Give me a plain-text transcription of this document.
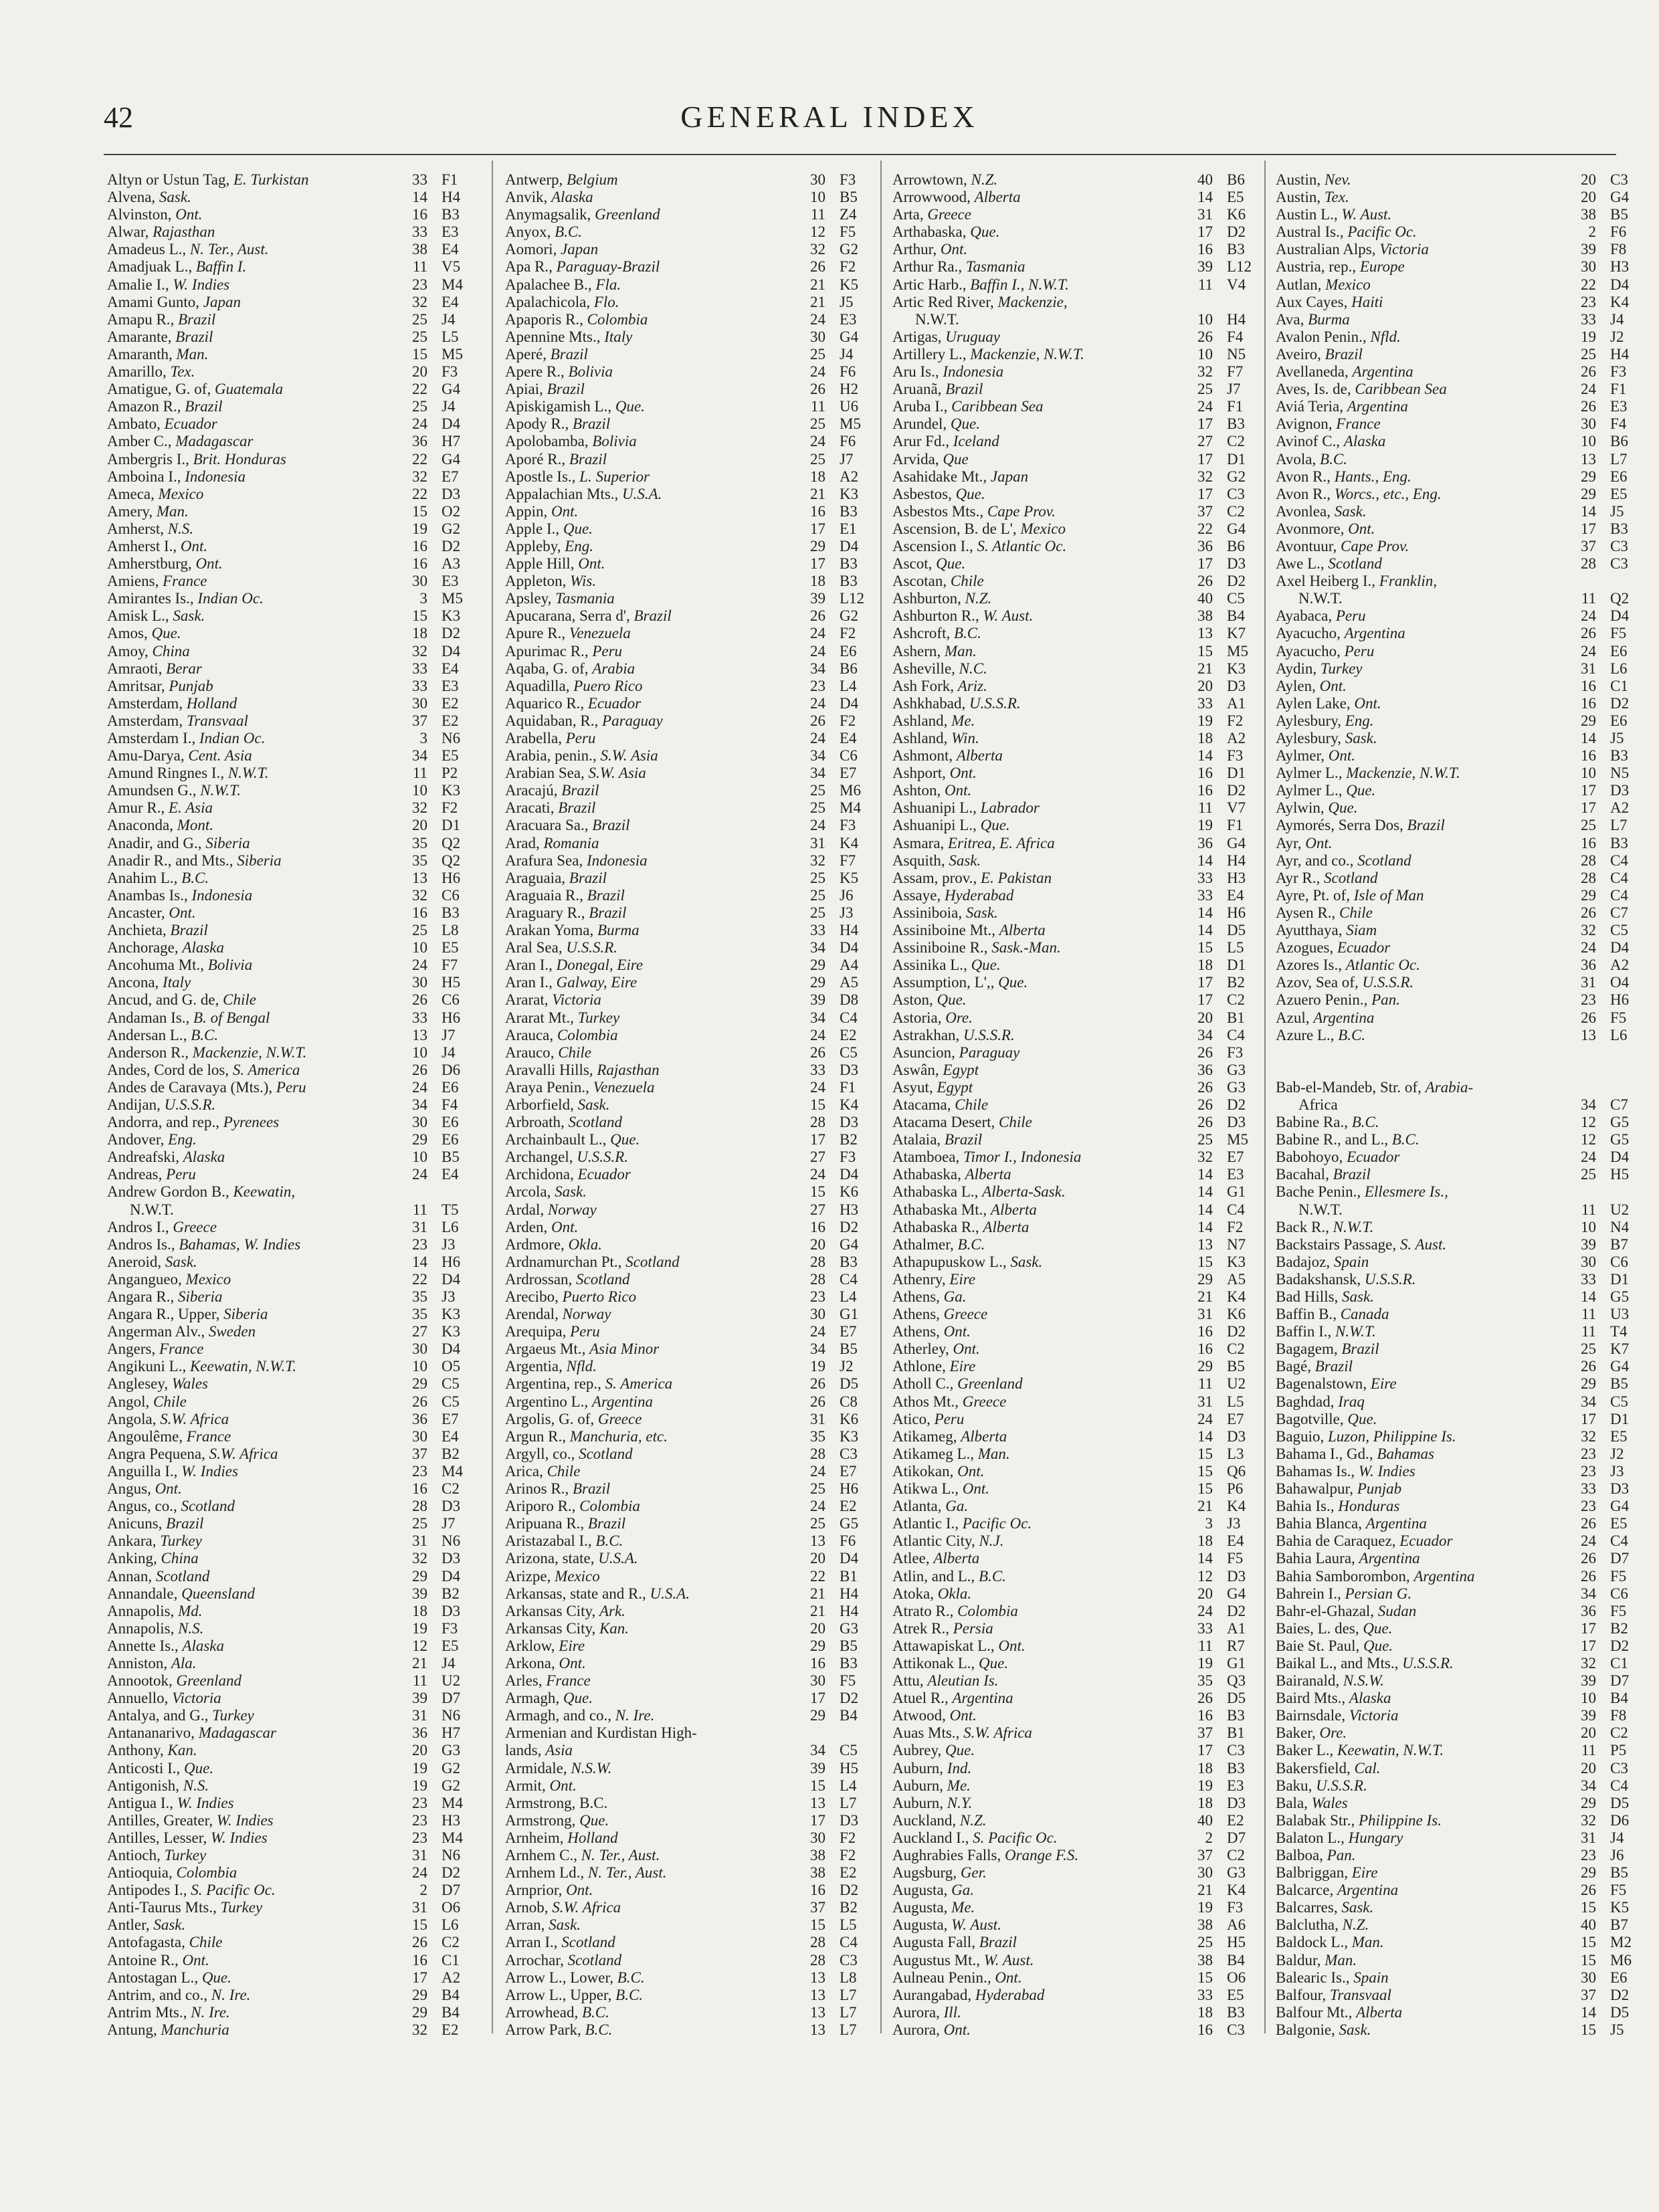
42	GENERAL INDEX
Altyn or Ustun Tag, E. Turkistan	33 F1
Alvena, Sask.	14 H4
Alvinston, Ont.	16 B3
Alwar, Rajasthan	33 E3
Amadeus L., N. Ter., Aust.	38 E4
Amadjuak L., Baffin I.	11 V5
Amalie I., W. Indies	23 M4
Amami Gunto, Japan	32 E4
Amapu R., Brazil	25 J4
Amarante, Brazil	25 L5
Amaranth, Man.	15 M5
Amarillo, Tex.	20 F3
Amatigue, G. of, Guatemala	22 G4
Amazon R., Brazil	25 J4
Ambato, Ecuador	24 D4
Amber C., Madagascar	36 H7
Ambergris I., Brit. Honduras	22 G4
Amboina I., Indonesia	32 E7
Ameca, Mexico	22 D3
Amery, Man.	15 O2
Amherst, N.S.	19 G2
Amherst I., Ont.	16 D2
Amherstburg, Ont.	16 A3
Amiens, France	30 E3
Amirantes Is., Indian Oc.	3 M5
Amisk L., Sask.	15 K3
Amos, Que.	18 D2
Amoy, China	32 D4
Amraoti, Berar	33 E4
Amritsar, Punjab	33 E3
Amsterdam, Holland	30 E2
Amsterdam, Transvaal	37 E2
Amsterdam I., Indian Oc.	3 N6
Amu-Darya, Cent. Asia	34 E5
Amund Ringnes I., N.W.T.	11 P2
Amundsen G., N.W.T.	10 K3
Amur R., E. Asia	32 F2
Anaconda, Mont.	20 D1
Anadir, and G., Siberia	35 Q2
Anadir R., and Mts., Siberia	35 Q2
Anahim L., B.C.	13 H6
Anambas Is., Indonesia	32 C6
Ancaster, Ont.	16 B3
Anchieta, Brazil	25 L8
Anchorage, Alaska	10 E5
Ancohuma Mt., Bolivia	24 F7
Ancona, Italy	30 H5
Ancud, and G. de, Chile	26 C6
Andaman Is., B. of Bengal	33 H6
Andersan L., B.C.	13 J7
Anderson R., Mackenzie, N.W.T.	10 J4
Andes, Cord de los, S. America	26 D6
Andes de Caravaya (Mts.), Peru	24 E6
Andijan, U.S.S.R.	34 F4
Andorra, and rep., Pyrenees	30 E6
Andover, Eng.	29 E6
Andreafski, Alaska	10 B5
Andreas, Peru	24 E4
Andrew Gordon B., Keewatin,
N.W.T.	11 T5
Andros I., Greece	31 L6
Andros Is., Bahamas, W. Indies	23 J3
Aneroid, Sask.	14 H6
Angangueo, Mexico	22 D4
Angara R., Siberia	35 J3
Angara R., Upper, Siberia	35 K3
Angerman Alv., Sweden	27 K3
Angers, France	30 D4
Angikuni L., Keewatin, N.W.T.	10 O5
Anglesey, Wales	29 C5
Angol, Chile	26 C5
Angola, S.W. Africa	36 E7
Angoulême, France	30 E4
Angra Pequena, S.W. Africa	37 B2
Anguilla I., W. Indies	23 M4
Angus, Ont.	16 C2
Angus, co., Scotland	28 D3
Anicuns, Brazil	25 J7
Ankara, Turkey	31 N6
Anking, China	32 D3
Annan, Scotland	29 D4
Annandale, Queensland	39 B2
Annapolis, Md.	18 D3
Annapolis, N.S.	19 F3
Annette Is., Alaska	12 E5
Anniston, Ala.	21 J4
Annootok, Greenland	11 U2
Annuello, Victoria	39 D7
Antalya, and G., Turkey	31 N6
Antananarivo, Madagascar	36 H7
Anthony, Kan.	20 G3
Anticosti I., Que.	19 G2
Antigonish, N.S.	19 G2
Antigua I., W. Indies	23 M4
Antilles, Greater, W. Indies	23 H3
Antilles, Lesser, W. Indies	23 M4
Antioch, Turkey	31 N6
Antioquia, Colombia	24 D2
Antipodes I., S. Pacific Oc.	2 D7
Anti-Taurus Mts., Turkey	31 O6
Antler, Sask.	15 L6
Antofagasta, Chile	26 C2
Antoine R., Ont.	16 C1
Antostagan L., Que.	17 A2
Antrim, and co., N. Ire.	29 B4
Antrim Mts., N. Ire.	29 B4
Antung, Manchuria	32 E2
Antwerp, Belgium	30 F3
Anvik, Alaska	10 B5
Anymagsalik, Greenland	11 Z4
Anyox, B.C.	12 F5
Aomori, Japan	32 G2
Apa R., Paraguay-Brazil	26 F2
Apalachee B., Fla.	21 K5
Apalachicola, Flo.	21 J5
Apaporis R., Colombia	24 E3
Apennine Mts., Italy	30 G4
Aperé, Brazil	25 J4
Apere R., Bolivia	24 F6
Apiai, Brazil	26 H2
Apiskigamish L., Que.	11 U6
Apody R., Brazil	25 M5
Apolobamba, Bolivia	24 F6
Aporé R., Brazil	25 J7
Apostle Is., L. Superior	18 A2
Appalachian Mts., U.S.A.	21 K3
Appin, Ont.	16 B3
Apple I., Que.	17 E1
Appleby, Eng.	29 D4
Apple Hill, Ont.	17 B3
Appleton, Wis.	18 B3
Apsley, Tasmania	39 L12
Apucarana, Serra d', Brazil	26 G2
Apure R., Venezuela	24 F2
Apurimac R., Peru	24 E6
Aqaba, G. of, Arabia	34 B6
Aquadilla, Puero Rico	23 L4
Aquarico R., Ecuador	24 D4
Aquidaban, R., Paraguay	26 F2
Arabella, Peru	24 E4
Arabia, penin., S.W. Asia	34 C6
Arabian Sea, S.W. Asia	34 E7
Aracajú, Brazil	25 M6
Aracati, Brazil	25 M4
Aracuara Sa., Brazil	24 F3
Arad, Romania	31 K4
Arafura Sea, Indonesia	32 F7
Araguaia, Brazil	25 K5
Araguaia R., Brazil	25 J6
Araguary R., Brazil	25 J3
Arakan Yoma, Burma	33 H4
Aral Sea, U.S.S.R.	34 D4
Aran I., Donegal, Eire	29 A4
Aran I., Galway, Eire	29 A5
Ararat, Victoria	39 D8
Ararat Mt., Turkey	34 C4
Arauca, Colombia	24 E2
Arauco, Chile	26 C5
Aravalli Hills, Rajasthan	33 D3
Araya Penin., Venezuela	24 F1
Arborfield, Sask.	15 K4
Arbroath, Scotland	28 D3
Archainbault L., Que.	17 B2
Archangel, U.S.S.R.	27 F3
Archidona, Ecuador	24 D4
Arcola, Sask.	15 K6
Ardal, Norway	27 H3
Arden, Ont.	16 D2
Ardmore, Okla.	20 G4
Ardnamurchan Pt., Scotland	28 B3
Ardrossan, Scotland	28 C4
Arecibo, Puerto Rico	23 L4
Arendal, Norway	30 G1
Arequipa, Peru	24 E7
Argaeus Mt., Asia Minor	34 B5
Argentia, Nfld.	19 J2
Argentina, rep., S. America	26 D5
Argentino L., Argentina	26 C8
Argolis, G. of, Greece	31 K6
Argun R., Manchuria, etc.	35 K3
Argyll, co., Scotland	28 C3
Arica, Chile	24 E7
Arinos R., Brazil	25 H6
Ariporo R., Colombia	24 E2
Aripuana R., Brazil	25 G5
Aristazabal I., B.C.	13 F6
Arizona, state, U.S.A.	20 D4
Arizpe, Mexico	22 B1
Arkansas, state and R., U.S.A.	21 H4
Arkansas City, Ark.	21 H4
Arkansas City, Kan.	20 G3
Arklow, Eire	29 B5
Arkona, Ont.	16 B3
Arles, France	30 F5
Armagh, Que.	17 D2
Armagh, and co., N. Ire.	29 B4
Armenian and Kurdistan High-
lands, Asia	34 C5
Armidale, N.S.W.	39 H5
Armit, Ont.	15 L4
Armstrong, B.C.	13 L7
Armstrong, Que.	17 D3
Arnheim, Holland	30 F2
Arnhem C., N. Ter., Aust.	38 F2
Arnhem Ld., N. Ter., Aust.	38 E2
Arnprior, Ont.	16 D2
Arnob, S.W. Africa	37 B2
Arran, Sask.	15 L5
Arran I., Scotland	28 C4
Arrochar, Scotland	28 C3
Arrow L., Lower, B.C.	13 L8
Arrow L., Upper, B.C.	13 L7
Arrowhead, B.C.	13 L7
Arrow Park, B.C.	13 L7
Arrowtown, N.Z.	40 B6
Arrowwood, Alberta	14 E5
Arta, Greece	31 K6
Arthabaska, Que.	17 D2
Arthur, Ont.	16 B3
Arthur Ra., Tasmania	39 L12
Artic Harb., Baffin I., N.W.T.	11 V4
Artic Red River, Mackenzie,
N.W.T.	10 H4
Artigas, Uruguay	26 F4
Artillery L., Mackenzie, N.W.T.	10 N5
Aru Is., Indonesia	32 F7
Aruanã, Brazil	25 J7
Aruba I., Caribbean Sea	24 F1
Arundel, Que.	17 B3
Arur Fd., Iceland	27 C2
Arvida, Que	17 D1
Asahidake Mt., Japan	32 G2
Asbestos, Que.	17 C3
Asbestos Mts., Cape Prov.	37 C2
Ascension, B. de L', Mexico	22 G4
Ascension I., S. Atlantic Oc.	36 B6
Ascot, Que.	17 D3
Ascotan, Chile	26 D2
Ashburton, N.Z.	40 C5
Ashburton R., W. Aust.	38 B4
Ashcroft, B.C.	13 K7
Ashern, Man.	15 M5
Asheville, N.C.	21 K3
Ash Fork, Ariz.	20 D3
Ashkhabad, U.S.S.R.	33 A1
Ashland, Me.	19 F2
Ashland, Win.	18 A2
Ashmont, Alberta	14 F3
Ashport, Ont.	16 D1
Ashton, Ont.	16 D2
Ashuanipi L., Labrador	11 V7
Ashuanipi L., Que.	19 F1
Asmara, Eritrea, E. Africa	36 G4
Asquith, Sask.	14 H4
Assam, prov., E. Pakistan	33 H3
Assaye, Hyderabad	33 E4
Assiniboia, Sask.	14 H6
Assiniboine Mt., Alberta	14 D5
Assiniboine R., Sask.-Man.	15 L5
Assinika L., Que.	18 D1
Assumption, L',, Que.	17 B2
Aston, Que.	17 C2
Astoria, Ore.	20 B1
Astrakhan, U.S.S.R.	34 C4
Asuncion, Paraguay	26 F3
Aswân, Egypt	36 G3
Asyut, Egypt	26 G3
Atacama, Chile	26 D2
Atacama Desert, Chile	26 D3
Atalaia, Brazil	25 M5
Atamboea, Timor I., Indonesia	32 E7
Athabaska, Alberta	14 E3
Athabaska L., Alberta-Sask.	14 G1
Athabaska Mt., Alberta	14 C4
Athabaska R., Alberta	14 F2
Athalmer, B.C.	13 N7
Athapupuskow L., Sask.	15 K3
Athenry, Eire	29 A5
Athens, Ga.	21 K4
Athens, Greece	31 K6
Athens, Ont.	16 D2
Atherley, Ont.	16 C2
Athlone, Eire	29 B5
Atholl C., Greenland	11 U2
Athos Mt., Greece	31 L5
Atico, Peru	24 E7
Atikameg, Alberta	14 D3
Atikameg L., Man.	15 L3
Atikokan, Ont.	15 Q6
Atikwa L., Ont.	15 P6
Atlanta, Ga.	21 K4
Atlantic I., Pacific Oc.	3 J3
Atlantic City, N.J.	18 E4
Atlee, Alberta	14 F5
Atlin, and L., B.C.	12 D3
Atoka, Okla.	20 G4
Atrato R., Colombia	24 D2
Atrek R., Persia	33 A1
Attawapiskat L., Ont.	11 R7
Attikonak L., Que.	19 G1
Attu, Aleutian Is.	35 Q3
Atuel R., Argentina	26 D5
Atwood, Ont.	16 B3
Auas Mts., S.W. Africa	37 B1
Aubrey, Que.	17 C3
Auburn, Ind.	18 B3
Auburn, Me.	19 E3
Auburn, N.Y.	18 D3
Auckland, N.Z.	40 E2
Auckland I., S. Pacific Oc.	2 D7
Aughrabies Falls, Orange F.S.	37 C2
Augsburg, Ger.	30 G3
Augusta, Ga.	21 K4
Augusta, Me.	19 F3
Augusta, W. Aust.	38 A6
Augusta Fall, Brazil	25 H5
Augustus Mt., W. Aust.	38 B4
Aulneau Penin., Ont.	15 O6
Aurangabad, Hyderabad	33 E5
Aurora, Ill.	18 B3
Aurora, Ont.	16 C3
Austin, Nev.	20 C3
Austin, Tex.	20 G4
Austin L., W. Aust.	38 B5
Austral Is., Pacific Oc.	2 F6
Australian Alps, Victoria	39 F8
Austria, rep., Europe	30 H3
Autlan, Mexico	22 D4
Aux Cayes, Haiti	23 K4
Ava, Burma	33 J4
Avalon Penin., Nfld.	19 J2
Aveiro, Brazil	25 H4
Avellaneda, Argentina	26 F3
Aves, Is. de, Caribbean Sea	24 F1
Aviá Teria, Argentina	26 E3
Avignon, France	30 F4
Avinof C., Alaska	10 B6
Avola, B.C.	13 L7
Avon R., Hants., Eng.	29 E6
Avon R., Worcs., etc., Eng.	29 E5
Avonlea, Sask.	14 J5
Avonmore, Ont.	17 B3
Avontuur, Cape Prov.	37 C3
Awe L., Scotland	28 C3
Axel Heiberg I., Franklin,
N.W.T.	11 Q2
Ayabaca, Peru	24 D4
Ayacucho, Argentina	26 F5
Ayacucho, Peru	24 E6
Aydin, Turkey	31 L6
Aylen, Ont.	16 C1
Aylen Lake, Ont.	16 D2
Aylesbury, Eng.	29 E6
Aylesbury, Sask.	14 J5
Aylmer, Ont.	16 B3
Aylmer L., Mackenzie, N.W.T.	10 N5
Aylmer L., Que.	17 D3
Aylwin, Que.	17 A2
Aymorés, Serra Dos, Brazil	25 L7
Ayr, Ont.	16 B3
Ayr, and co., Scotland	28 C4
Ayr R., Scotland	28 C4
Ayre, Pt. of, Isle of Man	29 C4
Aysen R., Chile	26 C7
Ayutthaya, Siam	32 C5
Azogues, Ecuador	24 D4
Azores Is., Atlantic Oc.	36 A2
Azov, Sea of, U.S.S.R.	31 O4
Azuero Penin., Pan.	23 H6
Azul, Argentina	26 F5
Azure L., B.C.	13 L6
Bab-el-Mandeb, Str. of, Arabia-
Africa	34 C7
Babine Ra., B.C.	12 G5
Babine R., and L., B.C.	12 G5
Babohoyo, Ecuador	24 D4
Bacahal, Brazil	25 H5
Bache Penin., Ellesmere Is.,
N.W.T.	11 U2
Back R., N.W.T.	10 N4
Backstairs Passage, S. Aust.	39 B7
Badajoz, Spain	30 C6
Badakshansk, U.S.S.R.	33 D1
Bad Hills, Sask.	14 G5
Baffin B., Canada	11 U3
Baffin I., N.W.T.	11 T4
Bagagem, Brazil	25 K7
Bagé, Brazil	26 G4
Bagenalstown, Eire	29 B5
Baghdad, Iraq	34 C5
Bagotville, Que.	17 D1
Baguio, Luzon, Philippine Is.	32 E5
Bahama I., Gd., Bahamas	23 J2
Bahamas Is., W. Indies	23 J3
Bahawalpur, Punjab	33 D3
Bahia Is., Honduras	23 G4
Bahia Blanca, Argentina	26 E5
Bahia de Caraquez, Ecuador	24 C4
Bahia Laura, Argentina	26 D7
Bahia Samborombon, Argentina	26 F5
Bahrein I., Persian G.	34 C6
Bahr-el-Ghazal, Sudan	36 F5
Baies, L. des, Que.	17 B2
Baie St. Paul, Que.	17 D2
Baikal L., and Mts., U.S.S.R.	32 C1
Bairanald, N.S.W.	39 D7
Baird Mts., Alaska	10 B4
Bairnsdale, Victoria	39 F8
Baker, Ore.	20 C2
Baker L., Keewatin, N.W.T.	11 P5
Bakersfield, Cal.	20 C3
Baku, U.S.S.R.	34 C4
Bala, Wales	29 D5
Balabak Str., Philippine Is.	32 D6
Balaton L., Hungary	31 J4
Balboa, Pan.	23 J6
Balbriggan, Eire	29 B5
Balcarce, Argentina	26 F5
Balcarres, Sask.	15 K5
Balclutha, N.Z.	40 B7
Baldock L., Man.	15 M2
Baldur, Man.	15 M6
Balearic Is., Spain	30 E6
Balfour, Transvaal	37 D2
Balfour Mt., Alberta	14 D5
Balgonie, Sask.	15 J5
